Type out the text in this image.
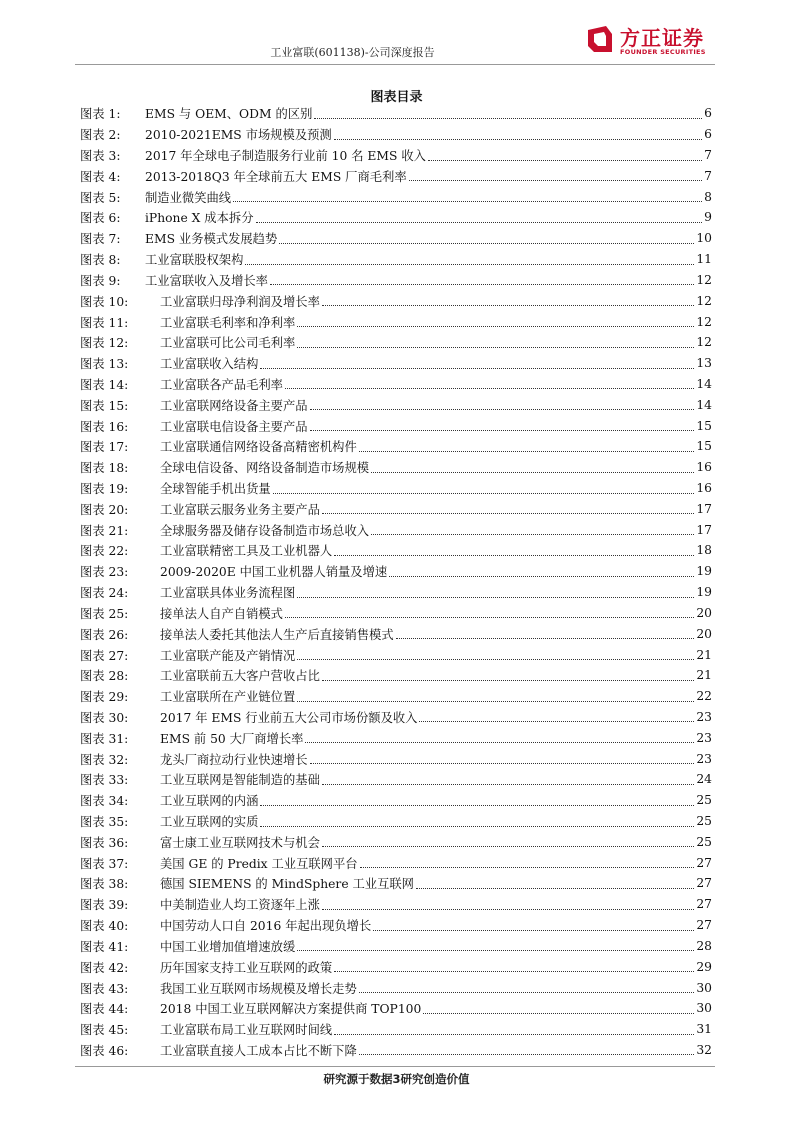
工业富联(601138)-公司深度报告
方正证券
FOUNDER SECURITIES
图表目录
图表 1:	EMS 与 OEM、ODM 的区别	6
图表 2:	2010-2021EMS 市场规模及预测	6
图表 3:	2017 年全球电子制造服务行业前 10 名 EMS 收入	7
图表 4:	2013-2018Q3 年全球前五大 EMS 厂商毛利率	7
图表 5:	制造业微笑曲线	8
图表 6:	iPhone X 成本拆分	9
图表 7:	EMS 业务模式发展趋势	10
图表 8:	工业富联股权架构	11
图表 9:	工业富联收入及增长率	12
图表 10:	工业富联归母净利润及增长率	12
图表 11:	工业富联毛利率和净利率	12
图表 12:	工业富联可比公司毛利率	12
图表 13:	工业富联收入结构	13
图表 14:	工业富联各产品毛利率	14
图表 15:	工业富联网络设备主要产品	14
图表 16:	工业富联电信设备主要产品	15
图表 17:	工业富联通信网络设备高精密机构件	15
图表 18:	全球电信设备、网络设备制造市场规模	16
图表 19:	全球智能手机出货量	16
图表 20:	工业富联云服务业务主要产品	17
图表 21:	全球服务器及储存设备制造市场总收入	17
图表 22:	工业富联精密工具及工业机器人	18
图表 23:	2009-2020E 中国工业机器人销量及增速	19
图表 24:	工业富联具体业务流程图	19
图表 25:	接单法人自产自销模式	20
图表 26:	接单法人委托其他法人生产后直接销售模式	20
图表 27:	工业富联产能及产销情况	21
图表 28:	工业富联前五大客户营收占比	21
图表 29:	工业富联所在产业链位置	22
图表 30:	2017 年 EMS 行业前五大公司市场份额及收入	23
图表 31:	EMS 前 50 大厂商增长率	23
图表 32:	龙头厂商拉动行业快速增长	23
图表 33:	工业互联网是智能制造的基础	24
图表 34:	工业互联网的内涵	25
图表 35:	工业互联网的实质	25
图表 36:	富士康工业互联网技术与机会	25
图表 37:	美国 GE 的 Predix 工业互联网平台	27
图表 38:	德国 SIEMENS 的 MindSphere 工业互联网	27
图表 39:	中美制造业人均工资逐年上涨	27
图表 40:	中国劳动人口自 2016 年起出现负增长	27
图表 41:	中国工业增加值增速放缓	28
图表 42:	历年国家支持工业互联网的政策	29
图表 43:	我国工业互联网市场规模及增长走势	30
图表 44:	2018 中国工业互联网解决方案提供商 TOP100	30
图表 45:	工业富联布局工业互联网时间线	31
图表 46:	工业富联直接人工成本占比不断下降	32
研究源于数据3研究创造价值
